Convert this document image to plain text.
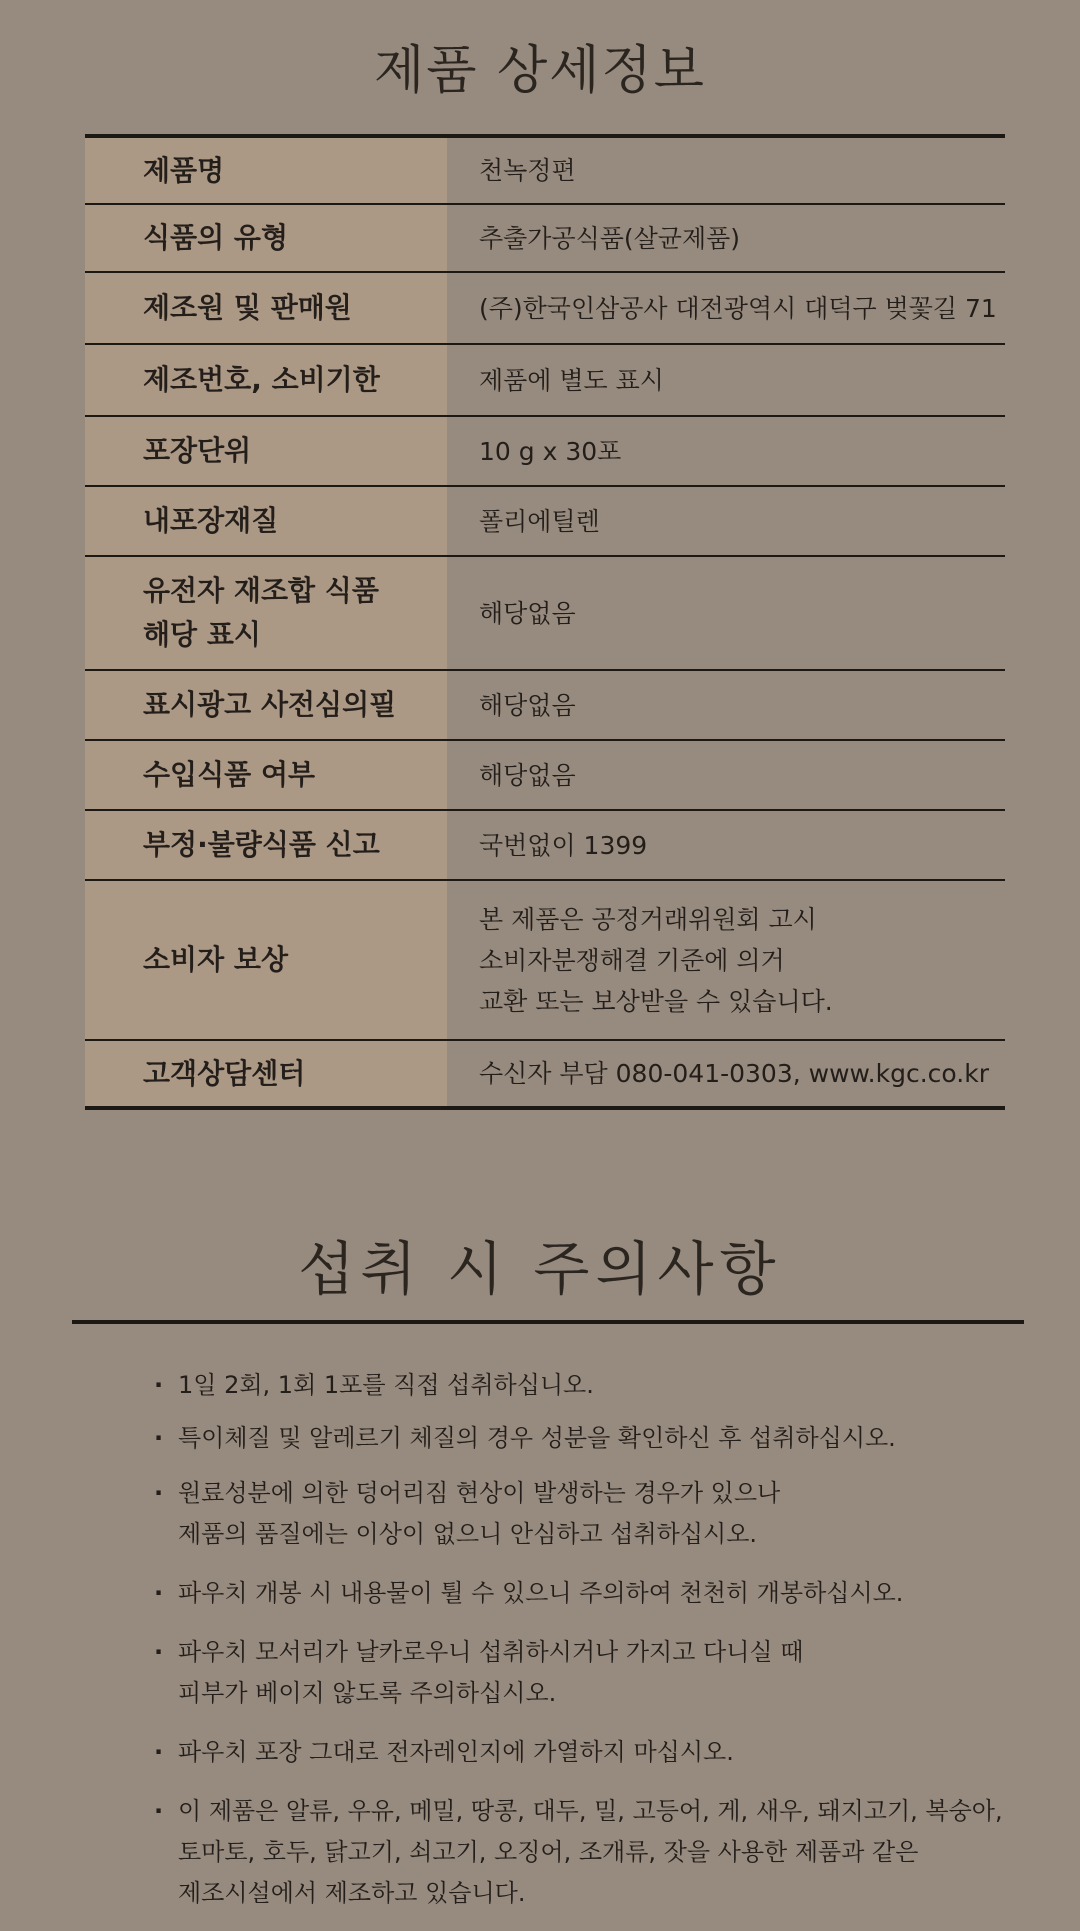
제품 상세정보
제품명	천녹정편

식품의 유형	추출가공식품(살균제품)

제조원 및 판매원	(주)한국인삼공사 대전광역시 대덕구 벚꽃길 71

제조번호, 소비기한	제품에 별도 표시

포장단위	10 g x 30포

내포장재질	폴리에틸렌

유전자 재조합 식품
해당 표시	해당없음

표시광고 사전심의필	해당없음

수입식품 여부	해당없음

부정·불량식품 신고	국번없이 1399

소비자 보상	본 제품은 공정거래위원회 고시
소비자분쟁해결 기준에 의거
교환 또는 보상받을 수 있습니다.

고객상담센터	수신자 부담 080-041-0303, www.kgc.co.kr
섭취 시 주의사항
· 1일 2회, 1회 1포를 직접 섭취하십니오.
· 특이체질 및 알레르기 체질의 경우 성분을 확인하신 후 섭취하십시오.
· 원료성분에 의한 덩어리짐 현상이 발생하는 경우가 있으나
제품의 품질에는 이상이 없으니 안심하고 섭취하십시오.
· 파우치 개봉 시 내용물이 튈 수 있으니 주의하여 천천히 개봉하십시오.
· 파우치 모서리가 날카로우니 섭취하시거나 가지고 다니실 때
피부가 베이지 않도록 주의하십시오.
· 파우치 포장 그대로 전자레인지에 가열하지 마십시오.
· 이 제품은 알류, 우유, 메밀, 땅콩, 대두, 밀, 고등어, 게, 새우, 돼지고기, 복숭아,
토마토, 호두, 닭고기, 쇠고기, 오징어, 조개류, 잣을 사용한 제품과 같은
제조시설에서 제조하고 있습니다.
